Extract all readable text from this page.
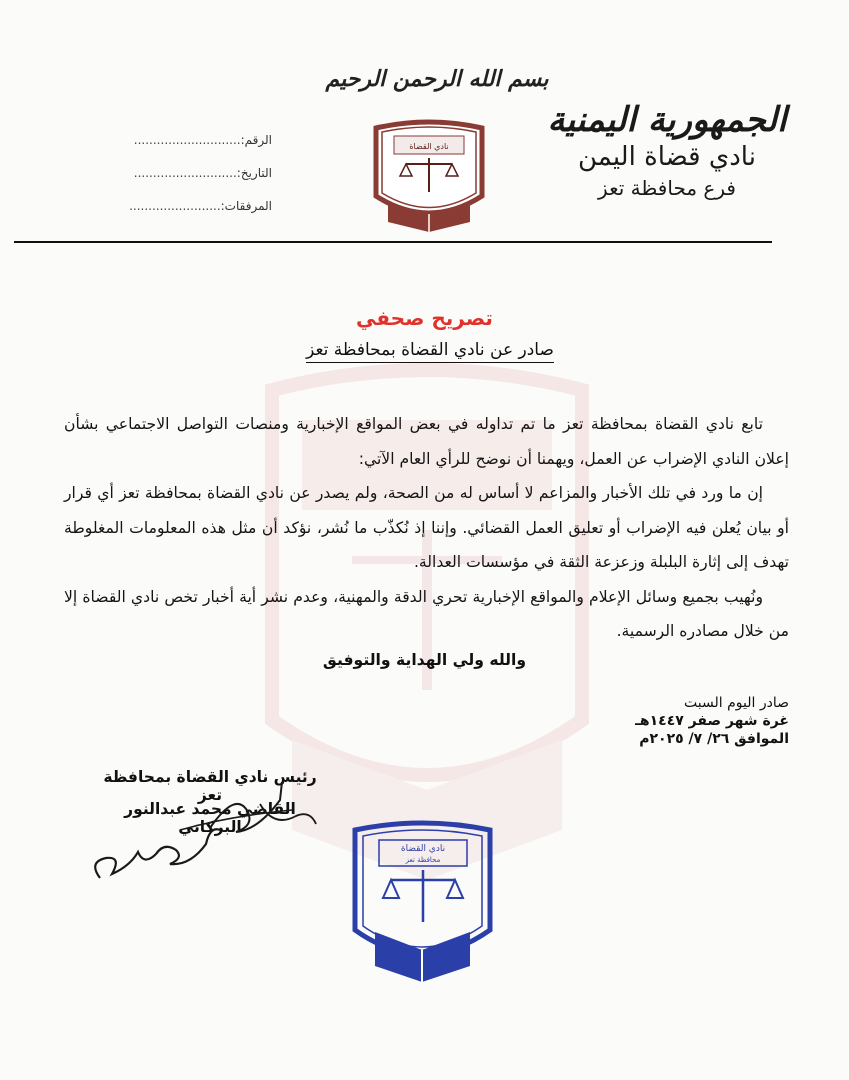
بسم الله الرحمن الرحيم
الجمهورية اليمنية
نادي قضاة اليمن
فرع محافظة تعز
نادي القضاة
الرقم:............................
التاريخ:...........................
المرفقات:........................
تصريح صحفي
صادر عن نادي القضاة بمحافظة تعز

تابع نادي القضاة بمحافظة تعز ما تم تداوله في بعض المواقع الإخبارية ومنصات التواصل الاجتماعي بشأن إعلان النادي الإضراب عن العمل، ويهمنا أن نوضح للرأي العام الآتي:

إن ما ورد في تلك الأخبار والمزاعم لا أساس له من الصحة، ولم يصدر عن نادي القضاة بمحافظة تعز أي قرار أو بيان يُعلن فيه الإضراب أو تعليق العمل القضائي. وإننا إذ نُكذّب ما نُشر، نؤكد أن مثل هذه المعلومات المغلوطة تهدف إلى إثارة البلبلة وزعزعة الثقة في مؤسسات العدالة.

ونُهيب بجميع وسائل الإعلام والمواقع الإخبارية تحري الدقة والمهنية، وعدم نشر أية أخبار تخص نادي القضاة إلا من خلال مصادره الرسمية.

والله ولي الهداية والتوفيق
صادر اليوم السبت
غرة شهر صفر ١٤٤٧هـ
الموافق ٢٦/ ٧/ ٢٠٢٥م
رئيس نادي القضاة بمحافظة تعز
القاضي محمد عبدالنور البركاني
نادي القضاة
محافظة تعز
